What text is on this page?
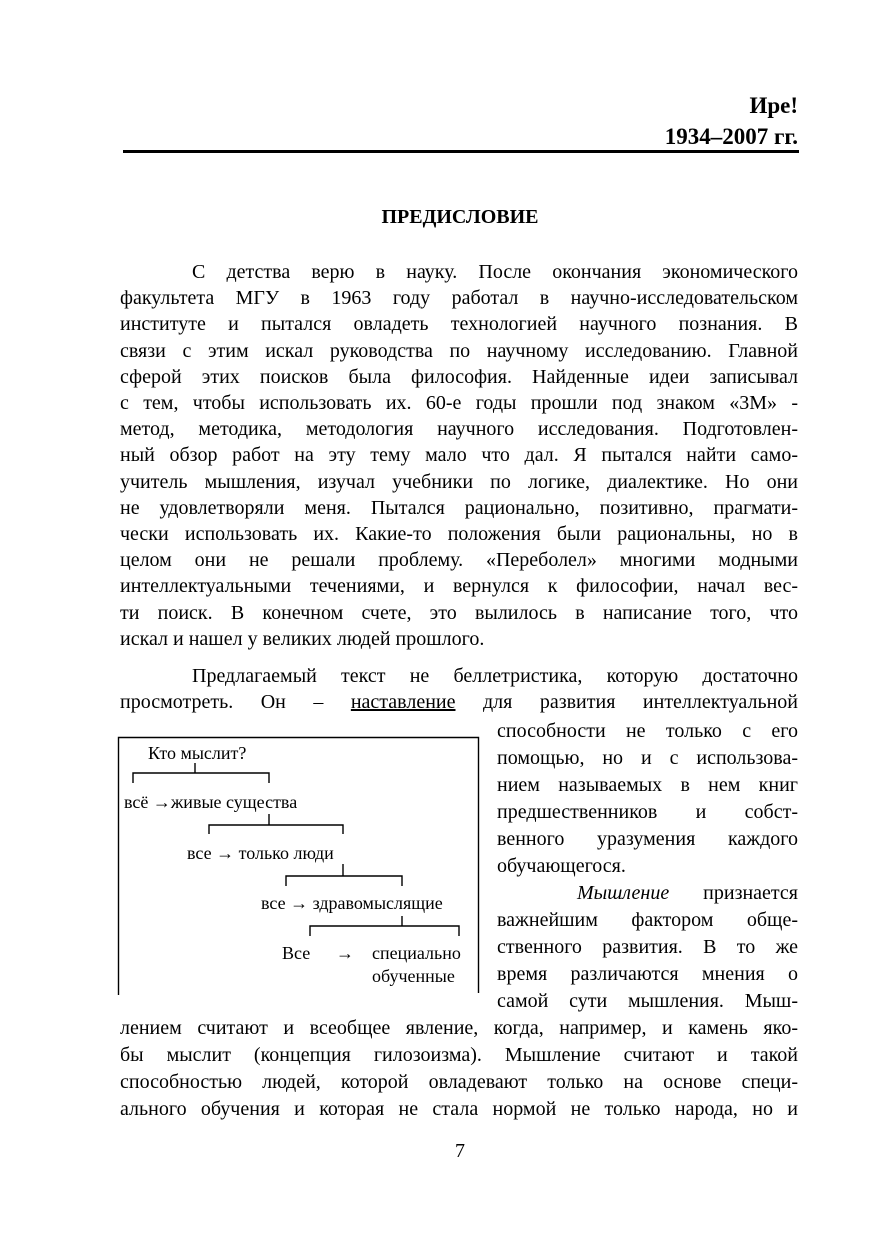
Ире!
1934–2007 гг.
ПРЕДИСЛОВИЕ
С детства верю в науку. После окончания экономического
факультета МГУ в 1963 году работал в научно-исследовательском
институте и пытался овладеть технологией научного познания. В
связи с этим искал руководства по научному исследованию. Главной
сферой этих поисков была философия. Найденные идеи записывал
с тем, чтобы использовать их. 60-е годы прошли под знаком «3М» -
метод, методика, методология научного исследования. Подготовлен-
ный обзор работ на эту тему мало что дал. Я пытался найти само-
учитель мышления, изучал учебники по логике, диалектике. Но они
не удовлетворяли меня. Пытался рационально, позитивно, прагмати-
чески использовать их. Какие-то положения были рациональны, но в
целом они не решали проблему. «Переболел» многими модными
интеллектуальными течениями, и вернулся к философии, начал вес-
ти поиск. В конечном счете, это вылилось в написание того, что
искал и нашел у великих людей прошлого.
Предлагаемый текст не беллетристика, которую достаточно
просмотреть. Он – наставление для развития интеллектуальной
способности не только с его
помощью, но и с использова-
нием называемых в нем книг
предшественников и собст-
венного уразумения каждого
обучающегося.
Мышление признается
важнейшим фактором обще-
ственного развития. В то же
время различаются мнения о
самой сути мышления. Мыш-
лением считают и всеобщее явление, когда, например, и камень яко-
бы мыслит (концепция гилозоизма). Мышление считают и такой
способностью людей, которой овладевают только на основе специ-
ального обучения и которая не стала нормой не только народа, но и
Кто мыслит?
всё →живые существа
все → только люди
все → здравомыслящие
Все → специально
обученные
7
